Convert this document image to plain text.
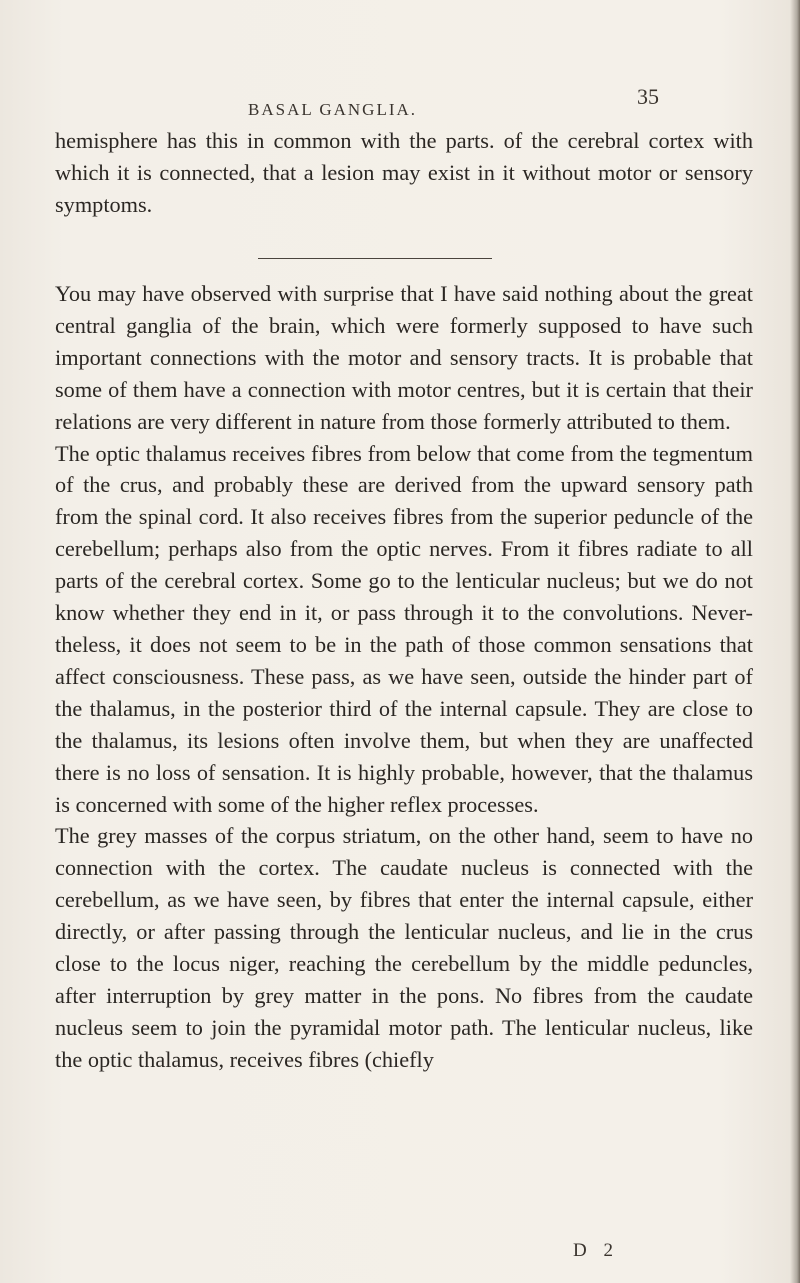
BASAL GANGLIA.
35

hemisphere has this in common with the parts. of the cerebral cortex with which it is connected, that a lesion may exist in it without motor or sensory symptoms.

You may have observed with surprise that I have said nothing about the great central ganglia of the brain, which were formerly supposed to have such important connections with the motor and sensory tracts. It is probable that some of them have a connection with motor centres, but it is certain that their relations are very different in nature from those formerly attributed to them.

The optic thalamus receives fibres from below that come from the tegmentum of the crus, and probably these are derived from the upward sensory path from the spinal cord. It also receives fibres from the superior peduncle of the cerebellum; perhaps also from the optic nerves. From it fibres radiate to all parts of the cerebral cortex. Some go to the lenticular nucleus; but we do not know whether they end in it, or pass through it to the convolutions. Never-theless, it does not seem to be in the path of those common sensations that affect consciousness. These pass, as we have seen, outside the hinder part of the thalamus, in the posterior third of the internal capsule. They are close to the thalamus, its lesions often involve them, but when they are unaffected there is no loss of sensation. It is highly probable, however, that the thalamus is concerned with some of the higher reflex processes.

The grey masses of the corpus striatum, on the other hand, seem to have no connection with the cortex. The caudate nucleus is connected with the cerebellum, as we have seen, by fibres that enter the internal capsule, either directly, or after passing through the lenticular nucleus, and lie in the crus close to the locus niger, reaching the cerebellum by the middle peduncles, after interruption by grey matter in the pons. No fibres from the caudate nucleus seem to join the pyramidal motor path. The lenticular nucleus, like the optic thalamus, receives fibres (chiefly

D 2
